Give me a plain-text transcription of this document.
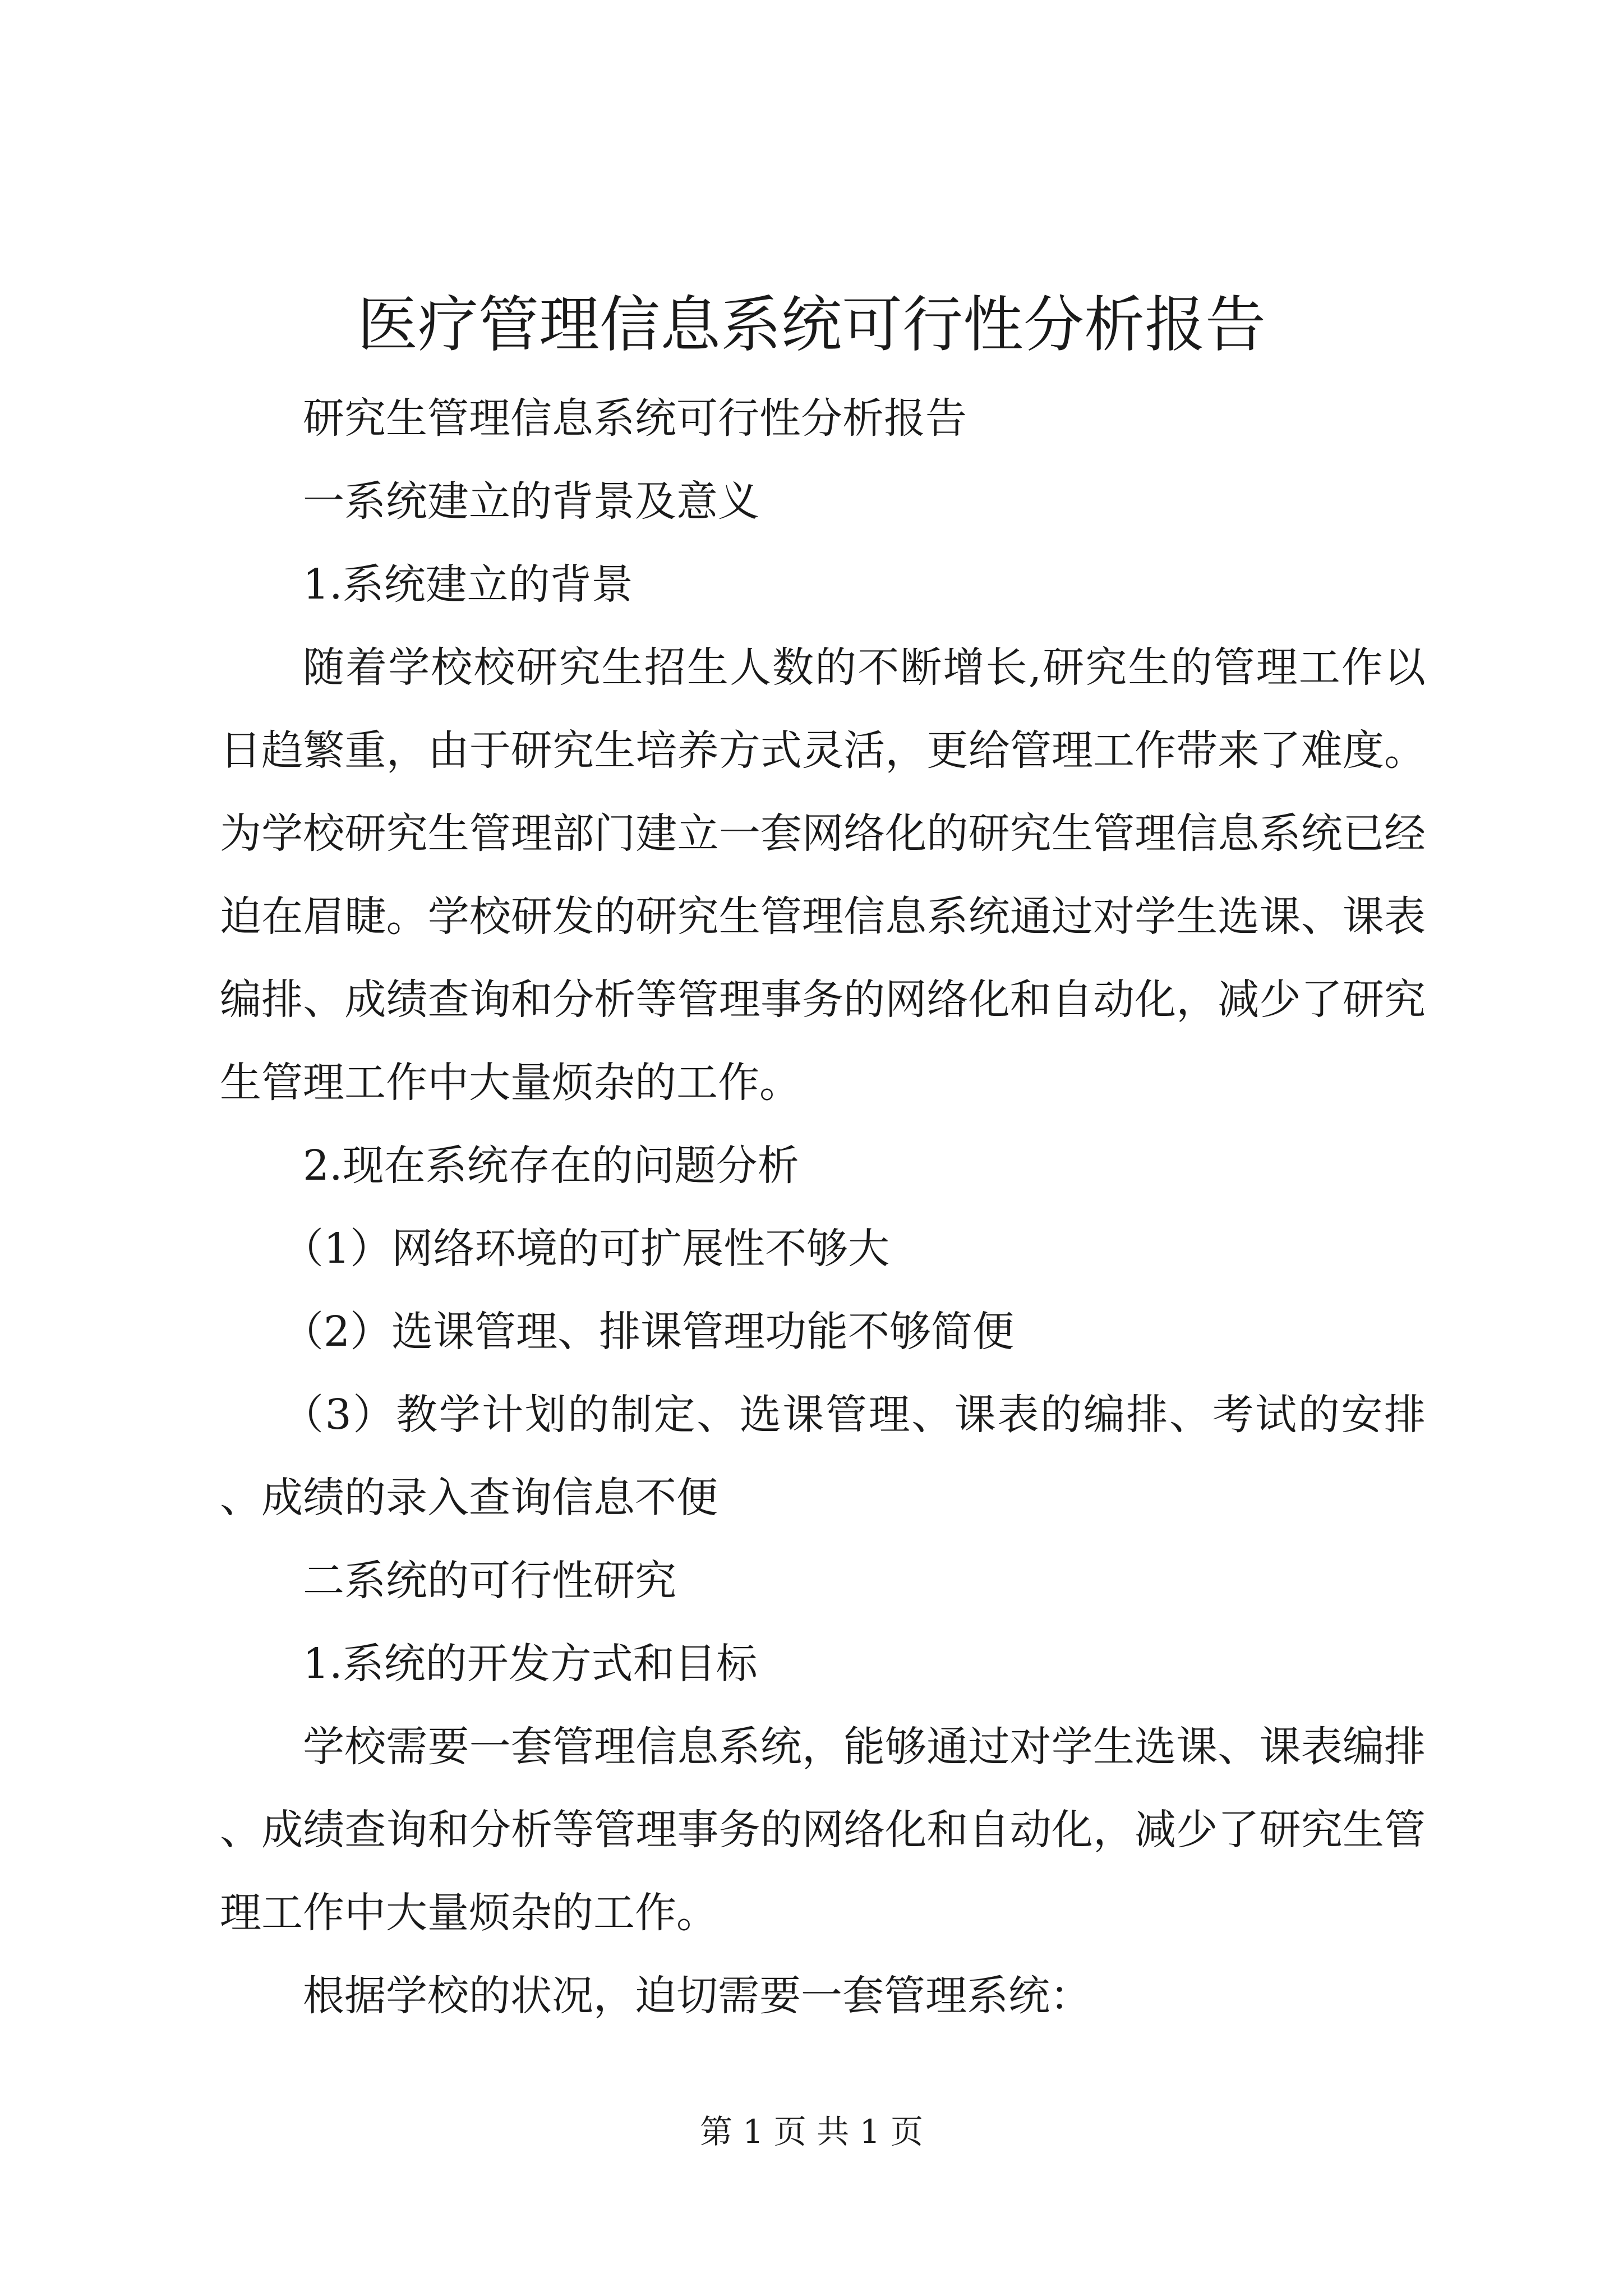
医疗管理信息系统可行性分析报告

研究生管理信息系统可行性分析报告

一系统建立的背景及意义

1.系统建立的背景

随着学校校研究生招生人数的不断增长,研究生的管理工作以日趋繁重，由于研究生培养方式灵活，更给管理工作带来了难度。为学校研究生管理部门建立一套网络化的研究生管理信息系统已经迫在眉睫。学校研发的研究生管理信息系统通过对学生选课、课表编排、成绩查询和分析等管理事务的网络化和自动化，减少了研究生管理工作中大量烦杂的工作。

2.现在系统存在的问题分析

（1）网络环境的可扩展性不够大

（2）选课管理、排课管理功能不够简便

（3）教学计划的制定、选课管理、课表的编排、考试的安排、成绩的录入查询信息不便

二系统的可行性研究

1.系统的开发方式和目标

学校需要一套管理信息系统，能够通过对学生选课、课表编排、成绩查询和分析等管理事务的网络化和自动化，减少了研究生管理工作中大量烦杂的工作。

根据学校的状况，迫切需要一套管理系统：

第 1 页 共 1 页
